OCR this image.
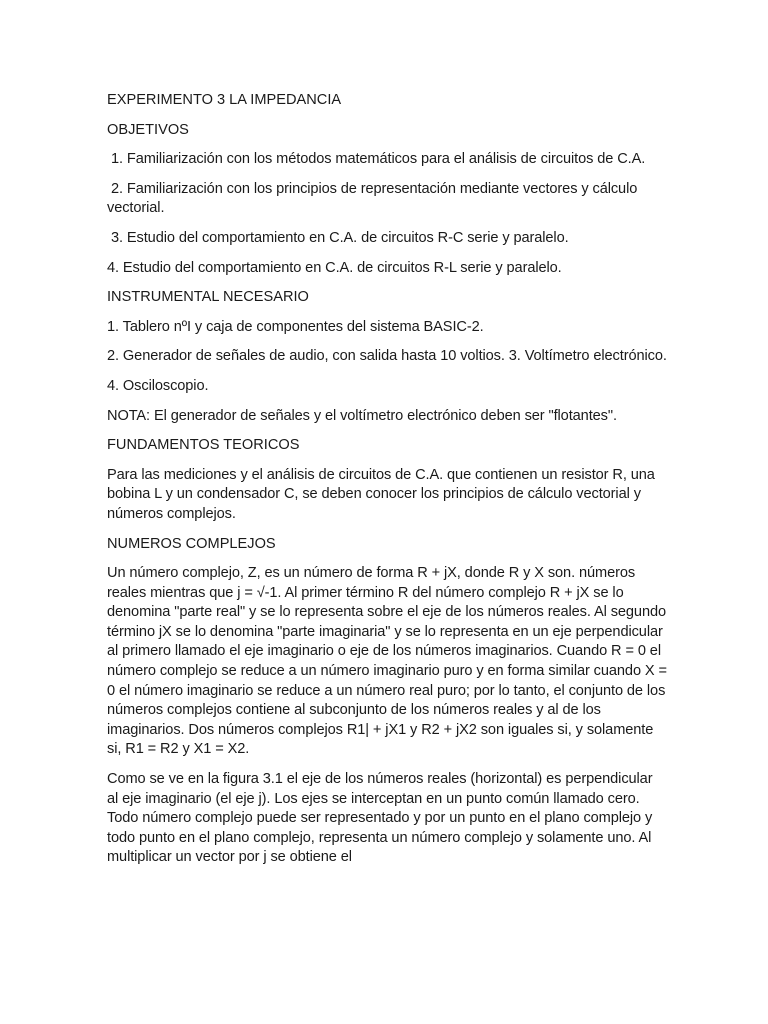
EXPERIMENTO 3 LA IMPEDANCIA

OBJETIVOS

1. Familiarización con los métodos matemáticos para el análisis de circuitos de C.A.

2. Familiarización con los principios de representación mediante vectores y cálculo vectorial.

3. Estudio del comportamiento en C.A. de circuitos R-C serie y paralelo.

4. Estudio del comportamiento en C.A. de circuitos R-L serie y paralelo.

INSTRUMENTAL NECESARIO

1. Tablero nºI y caja de componentes del sistema BASIC-2.

2. Generador de señales de audio, con salida hasta 10 voltios. 3. Voltímetro electrónico.

4. Osciloscopio.

NOTA: El generador de señales y el voltímetro electrónico deben ser "flotantes".

FUNDAMENTOS TEORICOS

Para las mediciones y el análisis de circuitos de C.A. que contienen un resistor R, una bobina L y un condensador C, se deben conocer los principios de cálculo vectorial y números complejos.

NUMEROS COMPLEJOS

Un número complejo, Z, es un número de forma R + jX, donde R y X son. números reales mientras que j = √-1. Al primer término R del número complejo R + jX se lo denomina "parte real" y se lo representa sobre el eje de los números reales. Al segundo término jX se lo denomina "parte imaginaria" y se lo representa en un eje perpendicular al primero llamado el eje imaginario o eje de los números imaginarios. Cuando R = 0 el número complejo se reduce a un número imaginario puro y en forma similar cuando X = 0 el número imaginario se reduce a un número real puro; por lo tanto, el conjunto de los números complejos contiene al subconjunto de los números reales y al de los imaginarios. Dos números complejos R1| + jX1 y R2 + jX2 son iguales si, y solamente si, R1 = R2 y X1 = X2.

Como se ve en la figura 3.1 el eje de los números reales (horizontal) es perpendicular al eje imaginario (el eje j). Los ejes se interceptan en un punto común llamado cero. Todo número complejo puede ser representado y por un punto en el plano complejo y todo punto en el plano complejo, representa un número complejo y solamente uno. Al multiplicar un vector por j se obtiene el
